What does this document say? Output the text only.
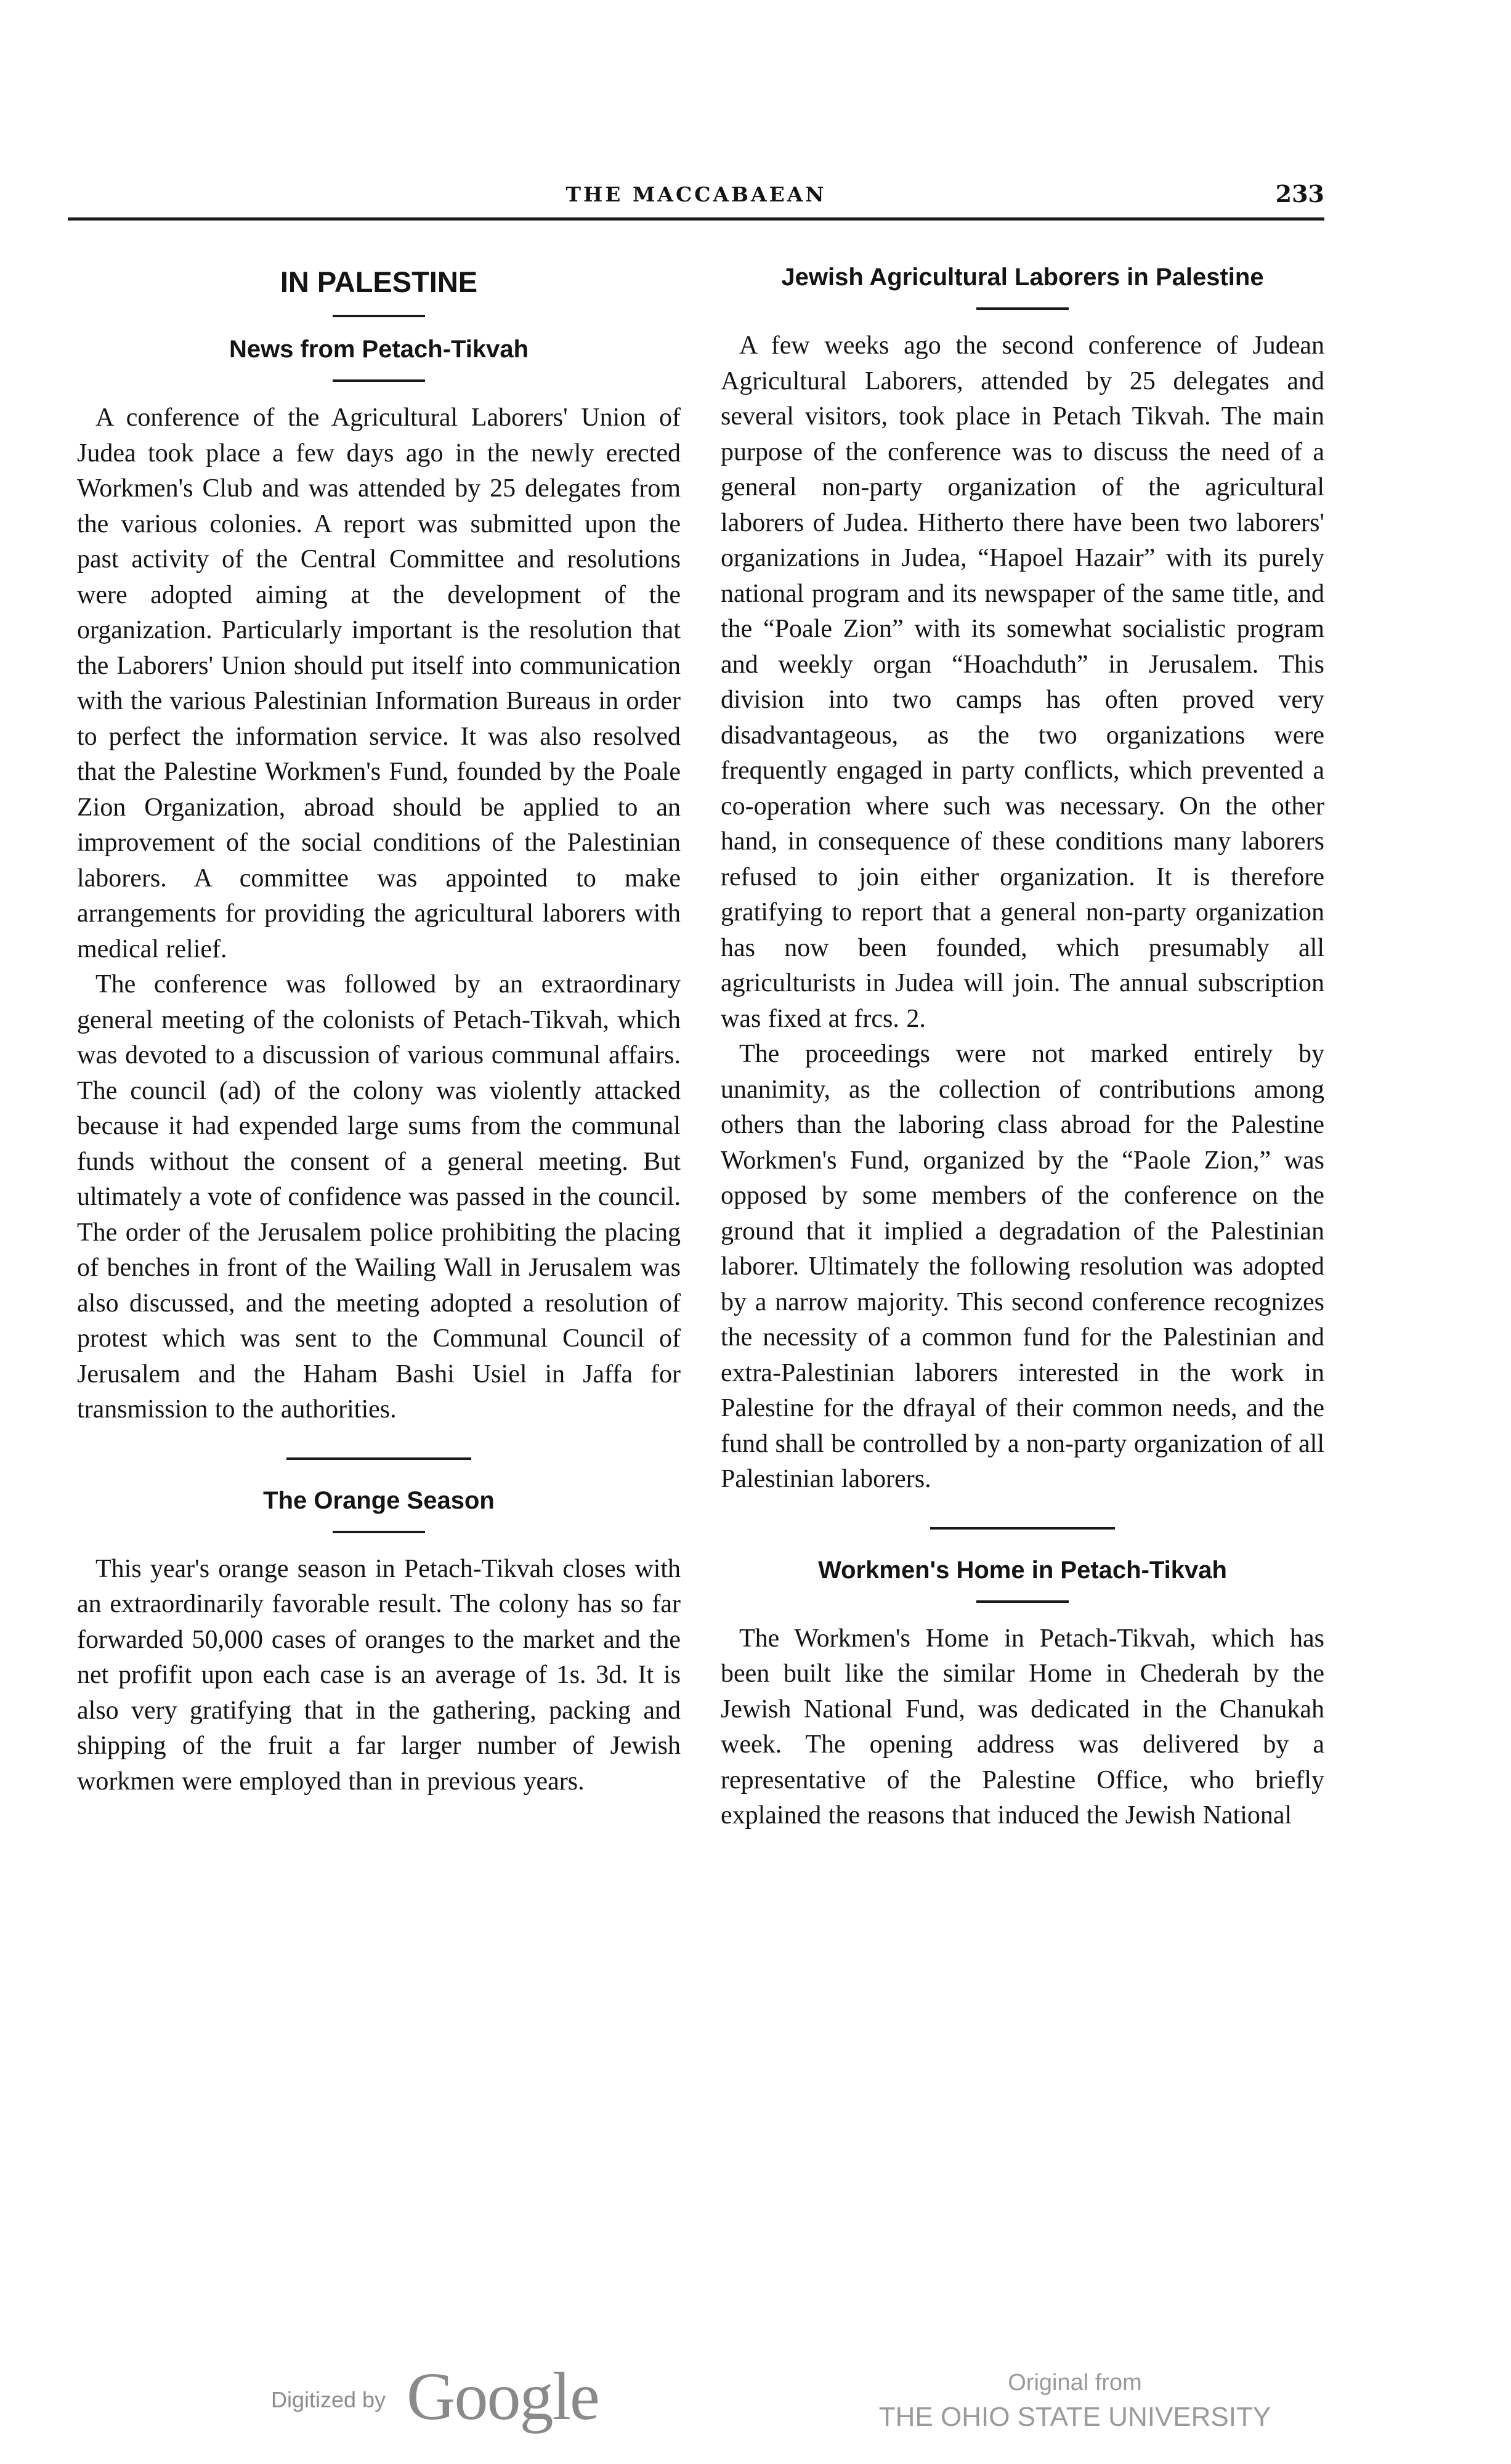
THE MACCABAEAN	233
IN PALESTINE
News from Petach-Tikvah

A conference of the Agricultural Laborers' Union of Judea took place a few days ago in the newly erected Workmen's Club and was attended by 25 delegates from the various colonies. A report was submitted upon the past activity of the Central Committee and resolutions were adopted aiming at the development of the organization. Particularly important is the resolution that the Laborers' Union should put itself into communication with the various Palestinian Information Bureaus in order to perfect the information service. It was also resolved that the Palestine Workmen's Fund, founded by the Poale Zion Organization, abroad should be applied to an improvement of the social conditions of the Palestinian laborers. A committee was appointed to make arrangements for providing the agricultural laborers with medical relief.

The conference was followed by an extraordinary general meeting of the colonists of Petach-Tikvah, which was devoted to a discussion of various communal affairs. The council (ad) of the colony was violently attacked because it had expended large sums from the communal funds without the consent of a general meeting. But ultimately a vote of confidence was passed in the council. The order of the Jerusalem police prohibiting the placing of benches in front of the Wailing Wall in Jerusalem was also discussed, and the meeting adopted a resolution of protest which was sent to the Communal Council of Jerusalem and the Haham Bashi Usiel in Jaffa for transmission to the authorities.

The Orange Season

This year's orange season in Petach-Tikvah closes with an extraordinarily favorable result. The colony has so far forwarded 50,000 cases of oranges to the market and the net profifit upon each case is an average of 1s. 3d. It is also very gratifying that in the gathering, packing and shipping of the fruit a far larger number of Jewish workmen were employed than in previous years.

Jewish Agricultural Laborers in Palestine

A few weeks ago the second conference of Judean Agricultural Laborers, attended by 25 delegates and several visitors, took place in Petach Tikvah. The main purpose of the conference was to discuss the need of a general non-party organization of the agricultural laborers of Judea. Hitherto there have been two laborers' organizations in Judea, “Hapoel Hazair” with its purely national program and its newspaper of the same title, and the “Poale Zion” with its somewhat socialistic program and weekly organ “Hoachduth” in Jerusalem. This division into two camps has often proved very disadvantageous, as the two organizations were frequently engaged in party conflicts, which prevented a co-operation where such was necessary. On the other hand, in consequence of these conditions many laborers refused to join either organization. It is therefore gratifying to report that a general non-party organization has now been founded, which presumably all agriculturists in Judea will join. The annual subscription was fixed at frcs. 2.

The proceedings were not marked entirely by unanimity, as the collection of contributions among others than the laboring class abroad for the Palestine Workmen's Fund, organized by the “Paole Zion,” was opposed by some members of the conference on the ground that it implied a degradation of the Palestinian laborer. Ultimately the following resolution was adopted by a narrow majority. This second conference recognizes the necessity of a common fund for the Palestinian and extra-Palestinian laborers interested in the work in Palestine for the dfrayal of their common needs, and the fund shall be controlled by a non-party organization of all Palestinian laborers.

Workmen's Home in Petach-Tikvah

The Workmen's Home in Petach-Tikvah, which has been built like the similar Home in Chederah by the Jewish National Fund, was dedicated in the Chanukah week. The opening address was delivered by a representative of the Palestine Office, who briefly explained the reasons that induced the Jewish National

Digitized by Google	Original from
THE OHIO STATE UNIVERSITY
